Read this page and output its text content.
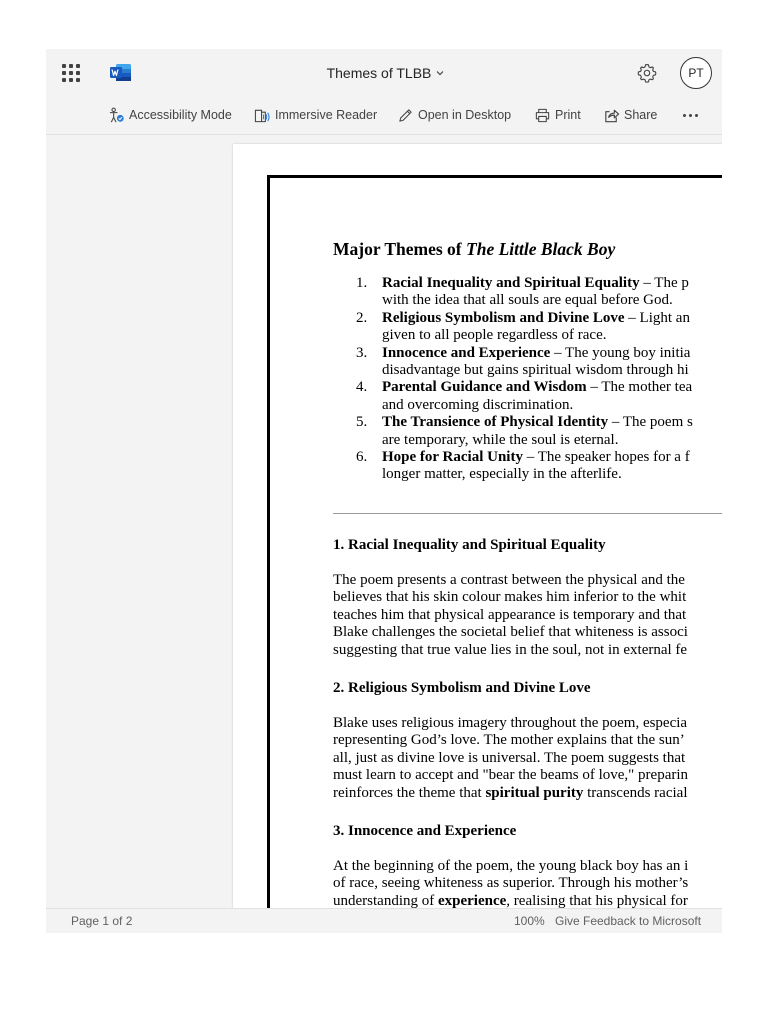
Themes of TLBB	PT
Accessibility Mode	Immersive Reader	Open in Desktop	Print	Share
Major Themes of The Little Black Boy
1. Racial Inequality and Spiritual Equality – The p
with the idea that all souls are equal before God.
2. Religious Symbolism and Divine Love – Light an
given to all people regardless of race.
3. Innocence and Experience – The young boy initia
disadvantage but gains spiritual wisdom through hi
4. Parental Guidance and Wisdom – The mother tea
and overcoming discrimination.
5. The Transience of Physical Identity – The poem s
are temporary, while the soul is eternal.
6. Hope for Racial Unity – The speaker hopes for a f
longer matter, especially in the afterlife.
1. Racial Inequality and Spiritual Equality
The poem presents a contrast between the physical and the
believes that his skin colour makes him inferior to the whit
teaches him that physical appearance is temporary and that
Blake challenges the societal belief that whiteness is associ
suggesting that true value lies in the soul, not in external fe
2. Religious Symbolism and Divine Love
Blake uses religious imagery throughout the poem, especia
representing God’s love. The mother explains that the sun’
all, just as divine love is universal. The poem suggests that
must learn to accept and "bear the beams of love," preparin
reinforces the theme that spiritual purity transcends racial
3. Innocence and Experience
At the beginning of the poem, the young black boy has an i
of race, seeing whiteness as superior. Through his mother’s
understanding of experience, realising that his physical for
Page 1 of 2	100% Give Feedback to Microsoft
